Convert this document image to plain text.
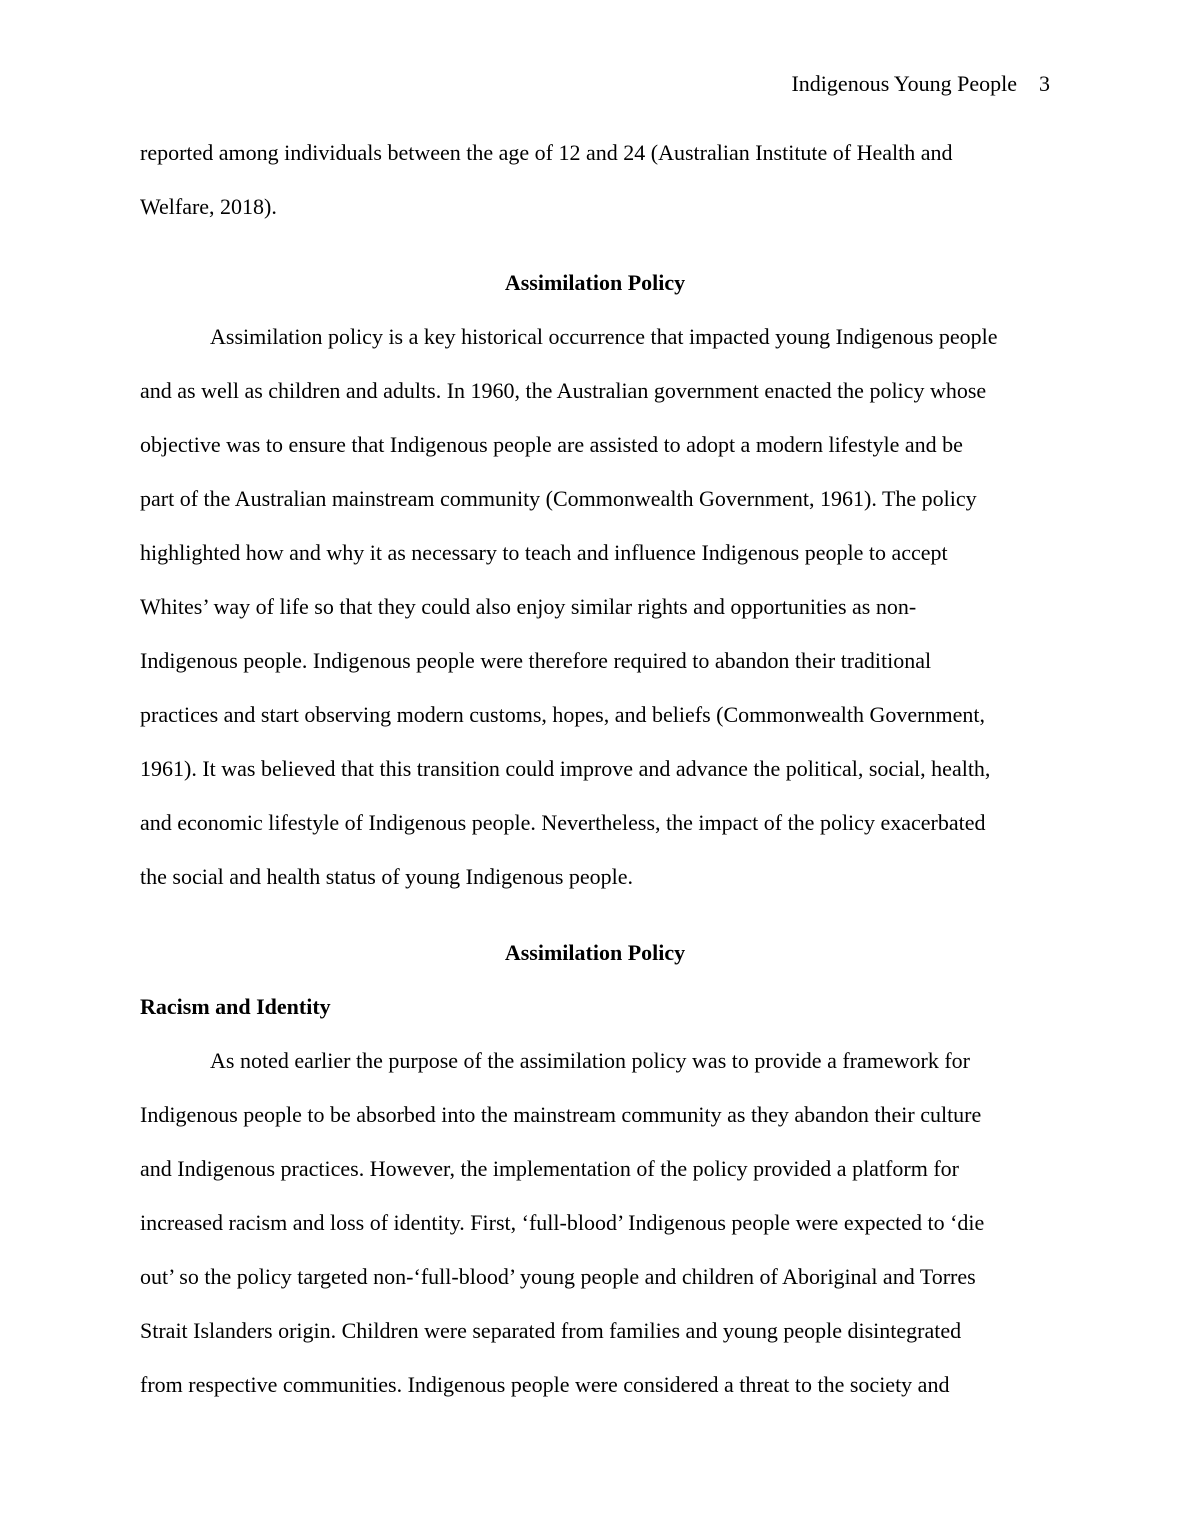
Indigenous Young People 3

reported among individuals between the age of 12 and 24 (Australian Institute of Health and
Welfare, 2018).

Assimilation Policy

Assimilation policy is a key historical occurrence that impacted young Indigenous people
and as well as children and adults. In 1960, the Australian government enacted the policy whose
objective was to ensure that Indigenous people are assisted to adopt a modern lifestyle and be
part of the Australian mainstream community (Commonwealth Government, 1961). The policy
highlighted how and why it as necessary to teach and influence Indigenous people to accept
Whites’ way of life so that they could also enjoy similar rights and opportunities as non-
Indigenous people. Indigenous people were therefore required to abandon their traditional
practices and start observing modern customs, hopes, and beliefs (Commonwealth Government,
1961). It was believed that this transition could improve and advance the political, social, health,
and economic lifestyle of Indigenous people. Nevertheless, the impact of the policy exacerbated
the social and health status of young Indigenous people.

Assimilation Policy
Racism and Identity

As noted earlier the purpose of the assimilation policy was to provide a framework for
Indigenous people to be absorbed into the mainstream community as they abandon their culture
and Indigenous practices. However, the implementation of the policy provided a platform for
increased racism and loss of identity. First, ‘full-blood’ Indigenous people were expected to ‘die
out’ so the policy targeted non-‘full-blood’ young people and children of Aboriginal and Torres
Strait Islanders origin. Children were separated from families and young people disintegrated
from respective communities. Indigenous people were considered a threat to the society and
